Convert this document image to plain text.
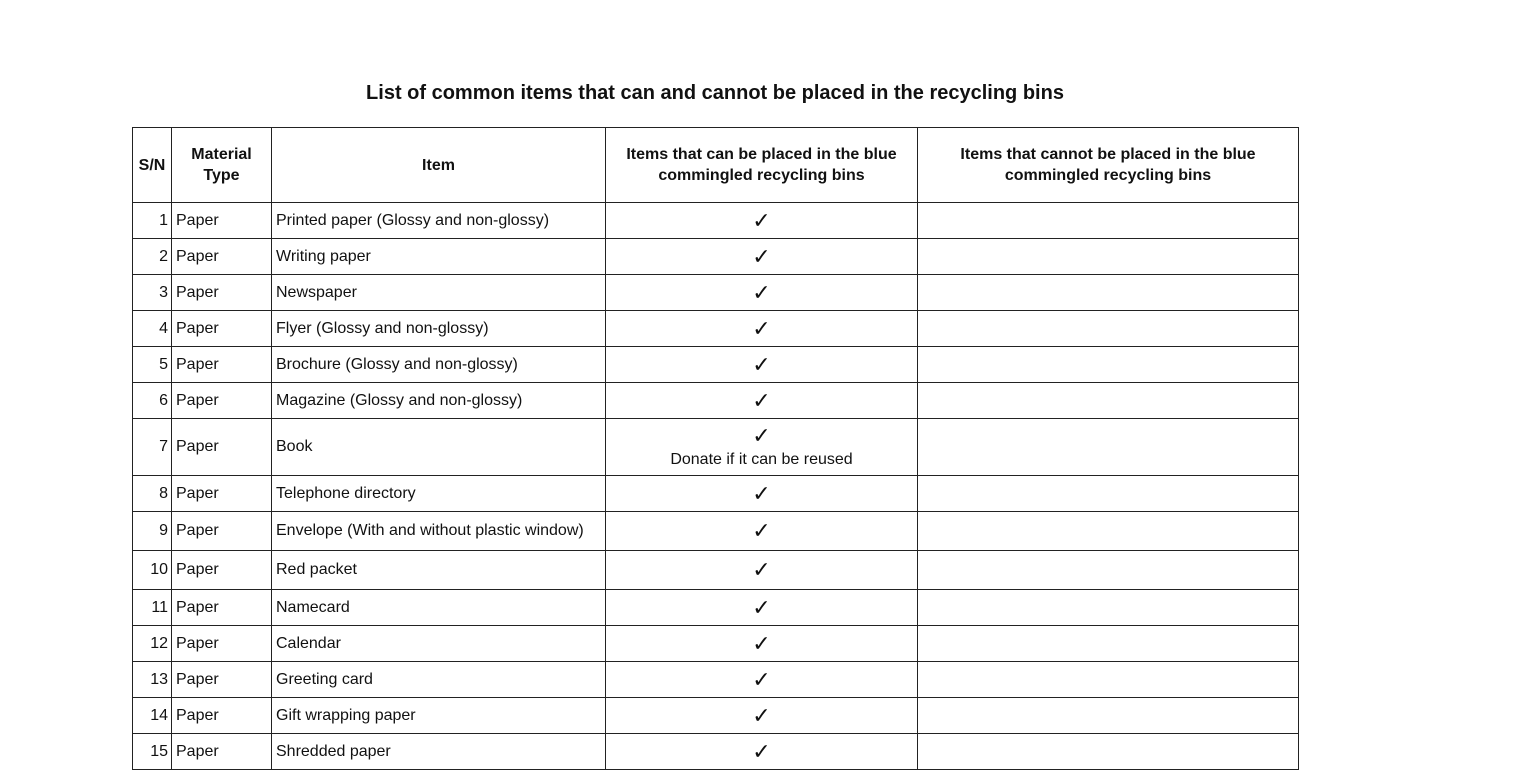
List of common items that can and cannot be placed in the recycling bins
S/N	Material Type	Item	Items that can be placed in the blue commingled recycling bins	Items that cannot be placed in the blue commingled recycling bins
1	Paper	Printed paper (Glossy and non-glossy)	✓	
2	Paper	Writing paper	✓	
3	Paper	Newspaper	✓	
4	Paper	Flyer (Glossy and non-glossy)	✓	
5	Paper	Brochure (Glossy and non-glossy)	✓	
6	Paper	Magazine (Glossy and non-glossy)	✓	
7	Paper	Book	✓
Donate if it can be reused	

8	Paper	Telephone directory	✓	
9	Paper	Envelope (With and without plastic window)	✓	
10	Paper	Red packet	✓	
11	Paper	Namecard	✓	
12	Paper	Calendar	✓	
13	Paper	Greeting card	✓	
14	Paper	Gift wrapping paper	✓	
15	Paper	Shredded paper	✓	
